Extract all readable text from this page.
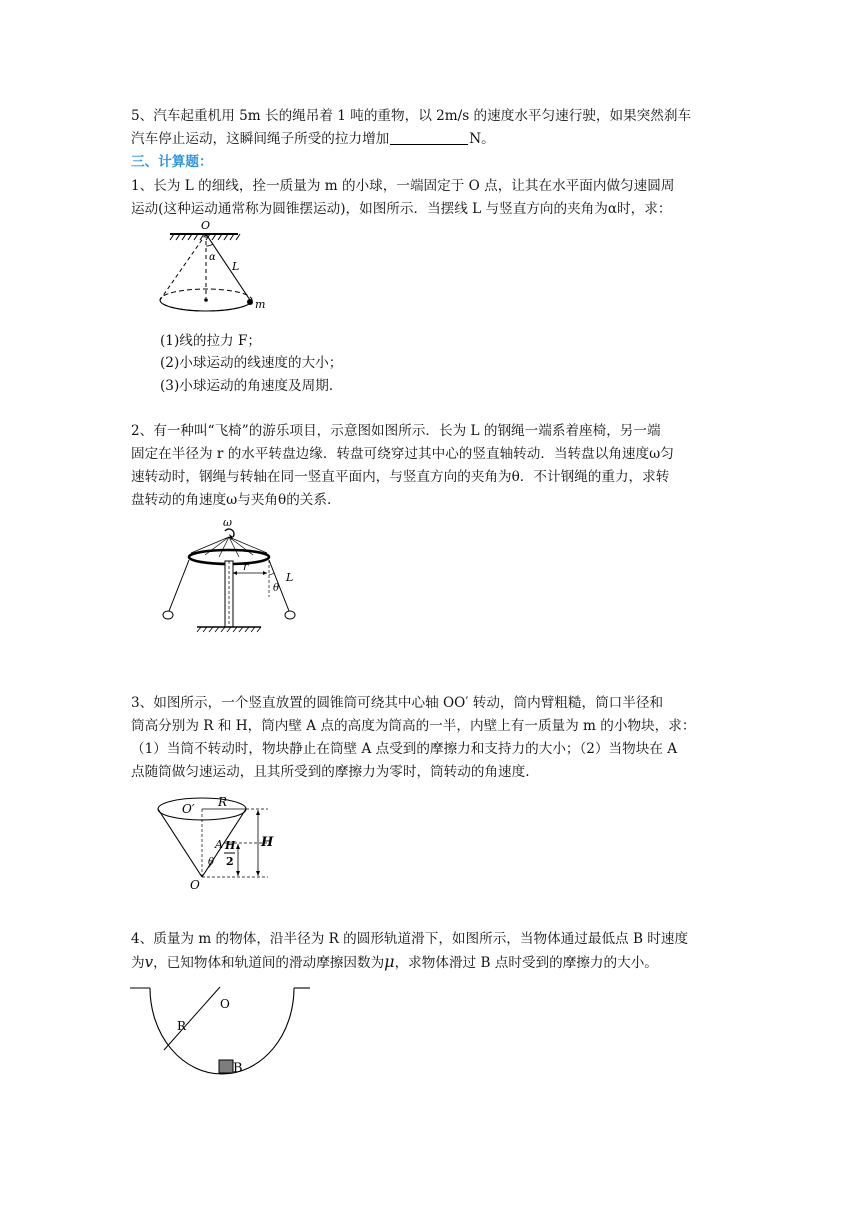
5、汽车起重机用 5m 长的绳吊着 1 吨的重物，以 2m/s 的速度水平匀速行驶，如果突然刹车
汽车停止运动，这瞬间绳子所受的拉力增加	N。
三、计算题：
1、长为 L 的细线，拴一质量为 m 的小球，一端固定于 O 点，让其在水平面内做匀速圆周
运动(这种运动通常称为圆锥摆运动)，如图所示．当摆线 L 与竖直方向的夹角为α时，求：
O
α
L
m
(1)线的拉力 F；
(2)小球运动的线速度的大小；
(3)小球运动的角速度及周期.
2、有一种叫“飞椅”的游乐项目，示意图如图所示．长为 L 的钢绳一端系着座椅，另一端
固定在半径为 r 的水平转盘边缘．转盘可绕穿过其中心的竖直轴转动．当转盘以角速度ω匀
速转动时，钢绳与转轴在同一竖直平面内，与竖直方向的夹角为θ．不计钢绳的重力，求转
盘转动的角速度ω与夹角θ的关系.
ω
r
L
θ
3、如图所示，一个竖直放置的圆锥筒可绕其中心轴 OO′ 转动，筒内臂粗糙，筒口半径和
筒高分别为 R 和 H，筒内壁 A 点的高度为筒高的一半，内壁上有一质量为 m 的小物块，求：
（1）当筒不转动时，物块静止在筒壁 A 点受到的摩擦力和支持力的大小；（2）当物块在 A
点随筒做匀速运动，且其所受到的摩擦力为零时，筒转动的角速度.
O′ R
H
A H
2
θ
O
4、质量为 m 的物体，沿半径为 R 的圆形轨道滑下，如图所示，当物体通过最低点 B 时速度
为v，已知物体和轨道间的滑动摩擦因数为μ，求物体滑过 B 点时受到的摩擦力的大小。
O
R
B
